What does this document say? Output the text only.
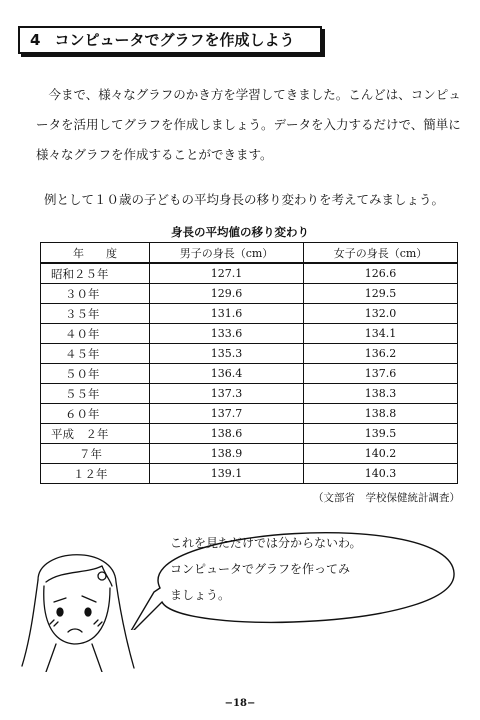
4 コンピュータでグラフを作成しよう
今まで、様々なグラフのかき方を学習してきました。こんどは、コンピュータを活用してグラフを作成しましょう。データを入力するだけで、簡単に様々なグラフを作成することができます。
例として１０歳の子どもの平均身長の移り変わりを考えてみましょう。
身長の平均値の移り変わり
年　　度	男子の身長（cm）	女子の身長（cm）
昭和２５年	127.1	126.6
３０年	129.6	129.5
３５年	131.6	132.0
４０年	133.6	134.1
４５年	135.3	136.2
５０年	136.4	137.6
５５年	137.3	138.3
６０年	137.7	138.8
平成　２年	138.6	139.5
７年	138.9	140.2
１２年	139.1	140.3
（文部省　学校保健統計調査）
これを見ただけでは分からないわ。
コンピュータでグラフを作ってみ
ましょう。
−18−
